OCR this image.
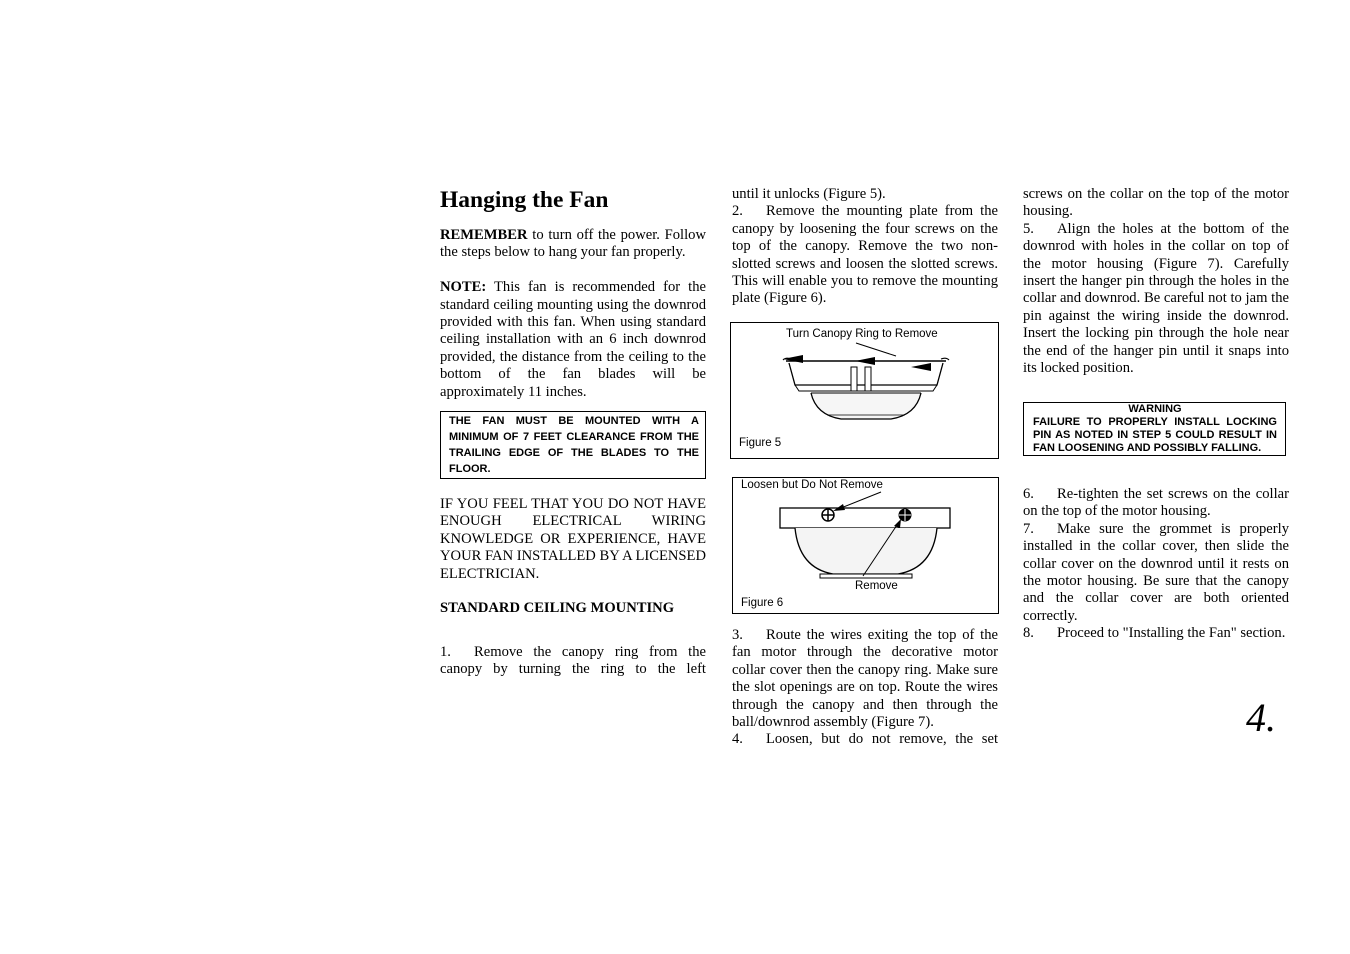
Hanging the Fan

REMEMBER to turn off the power. Follow the steps below to hang your fan properly.

NOTE: This fan is recommended for the standard ceiling mounting using the downrod provided with this fan. When using standard ceiling installation with an 6 inch downrod provided, the distance from the ceiling to the bottom of the fan blades will be approximately 11 inches.

THE FAN MUST BE MOUNTED WITH A MINIMUM OF 7 FEET CLEARANCE FROM THE TRAILING EDGE OF THE BLADES TO THE FLOOR.

IF YOU FEEL THAT YOU DO NOT HAVE ENOUGH ELECTRICAL WIRING KNOWLEDGE OR EXPERIENCE, HAVE YOUR FAN INSTALLED BY A LICENSED ELECTRICIAN.

STANDARD CEILING MOUNTING

1. Remove the canopy ring from the canopy by turning the ring to the left

until it unlocks (Figure 5).

2. Remove the mounting plate from the canopy by loosening the four screws on the top of the canopy. Remove the two non-slotted screws and loosen the slotted screws. This will enable you to remove the mounting plate (Figure 6).

Turn Canopy Ring to Remove
Figure 5
Loosen but Do Not Remove
Remove
Figure 6

3. Route the wires exiting the top of the fan motor through the decorative motor collar cover then the canopy ring. Make sure the slot openings are on top. Route the wires through the canopy and then through the ball/downrod assembly (Figure 7).

4. Loosen, but do not remove, the set

screws on the collar on the top of the motor housing.

5. Align the holes at the bottom of the downrod with holes in the collar on top of the motor housing (Figure 7). Carefully insert the hanger pin through the holes in the collar and downrod. Be careful not to jam the pin against the wiring inside the downrod. Insert the locking pin through the hole near the end of the hanger pin until it snaps into its locked position.

WARNING
FAILURE TO PROPERLY INSTALL LOCKING PIN AS NOTED IN STEP 5 COULD RESULT IN FAN LOOSENING AND POSSIBLY FALLING.

6. Re-tighten the set screws on the collar on the top of the motor housing.

7. Make sure the grommet is properly installed in the collar cover, then slide the collar cover on the downrod until it rests on the motor housing. Be sure that the canopy and the collar cover are both oriented correctly.

8. Proceed to "Installing the Fan" section.

4.
